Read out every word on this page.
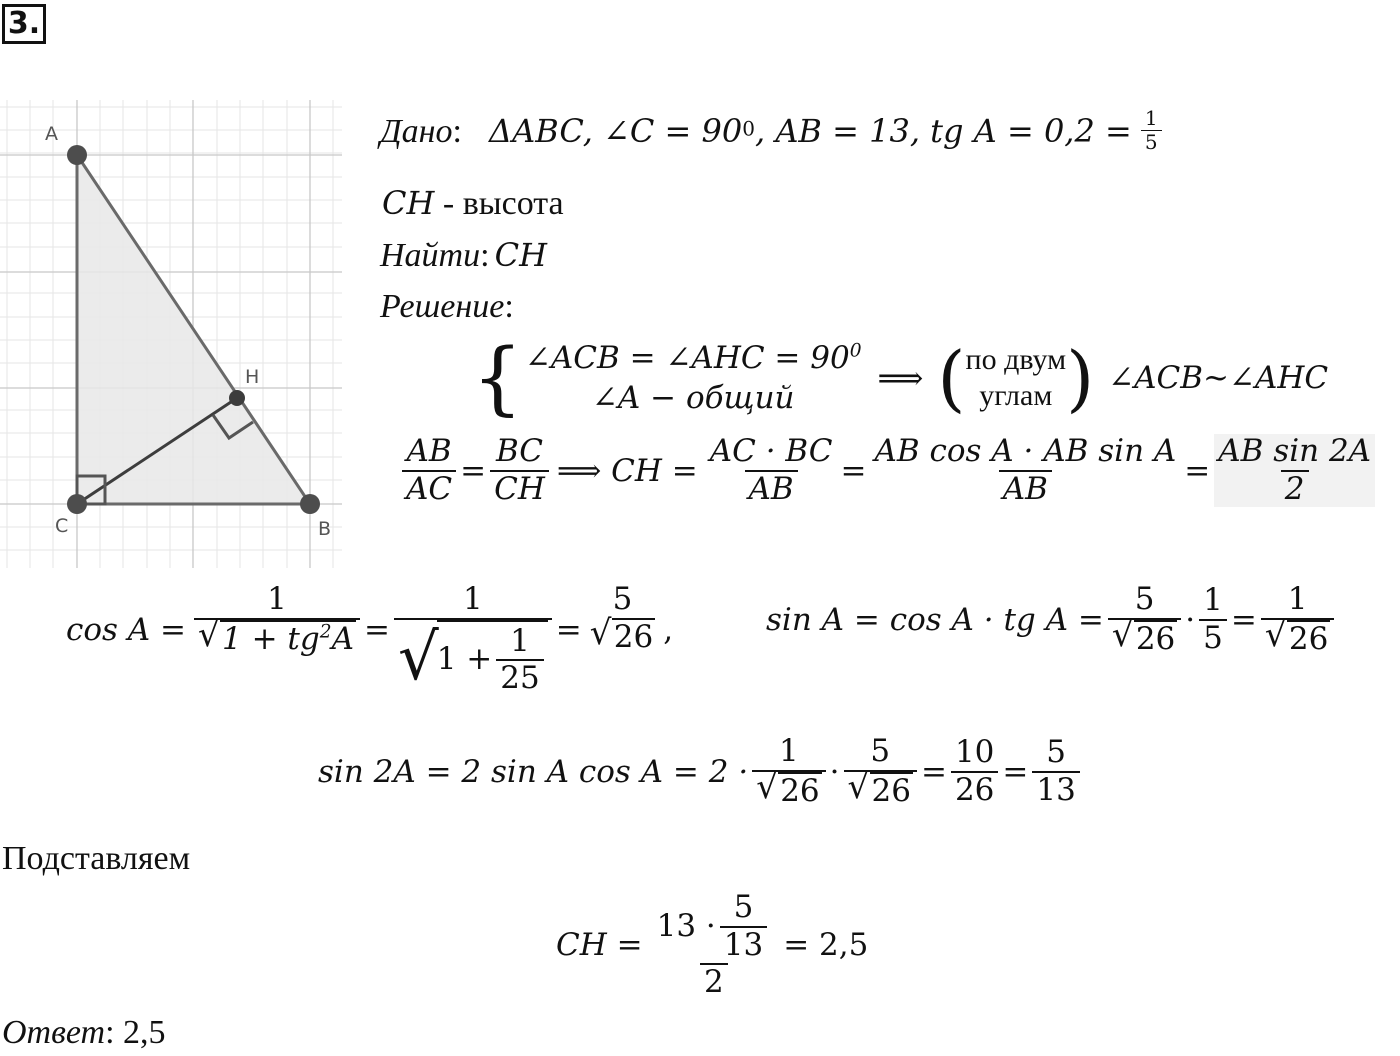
3.
A
C	B
H
Дано: ΔABC, ∠C = $90^0$, AB = 13, tg $A = 0,2 = \frac{1}{5}$
CH - высота
Найти: CH
Решение:
{ ∠ACB = ∠AHC = $90^0$
∠A − общий
⟹ ( по двум
углам ) ∠ACB~∠AHC
$\frac{AB}{AC} = \frac{BC}{CH}$ ⟹ CH = $\frac{AC \cdot BC}{AB} = \frac{\text{AB cos A · AB sin A}}{AB} = \frac{\text{AB sin 2A}}{2}$
cos A = 1
√ $1 + tg^2A = 1$
√
$1 + \frac{1}{25}$ =
5
√ 26 ,	sin A = cos A · tg A = 5
√ $26 \cdot \frac{1}{5} = 1$
√ 26
sin 2A = 2 sin A cos A = 2 · 1
√ 26 · 5
√ $26 = \frac{10}{26} = \frac{5}{13}$
Подставляем
CH = $\frac{13 \cdot \frac{5}{13}}{2} = 2,5$
Ответ: 2,5
